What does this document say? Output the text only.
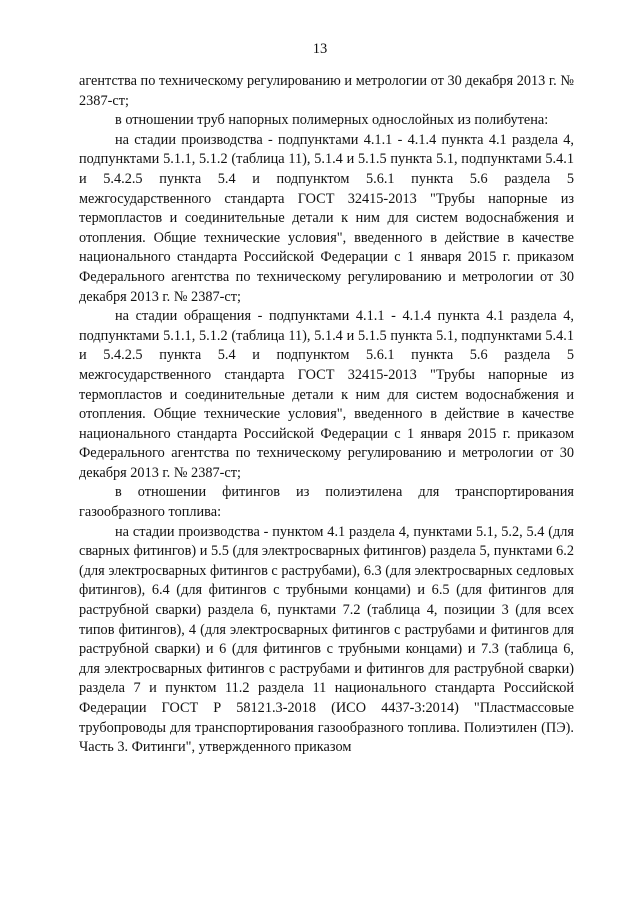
13

агентства по техническому регулированию и метрологии от 30 декабря 2013 г. № 2387-ст;

в отношении труб напорных полимерных однослойных из полибутена:

на стадии производства - подпунктами 4.1.1 - 4.1.4 пункта 4.1 раздела 4, подпунктами 5.1.1, 5.1.2 (таблица 11), 5.1.4 и 5.1.5 пункта 5.1, подпунктами 5.4.1 и 5.4.2.5 пункта 5.4 и подпунктом 5.6.1 пункта 5.6 раздела 5 межгосударственного стандарта ГОСТ 32415-2013 "Трубы напорные из термопластов и соединительные детали к ним для систем водоснабжения и отопления. Общие технические условия", введенного в действие в качестве национального стандарта Российской Федерации с 1 января 2015 г. приказом Федерального агентства по техническому регулированию и метрологии от 30 декабря 2013 г. № 2387-ст;

на стадии обращения - подпунктами 4.1.1 - 4.1.4 пункта 4.1 раздела 4, подпунктами 5.1.1, 5.1.2 (таблица 11), 5.1.4 и 5.1.5 пункта 5.1, подпунктами 5.4.1 и 5.4.2.5 пункта 5.4 и подпунктом 5.6.1 пункта 5.6 раздела 5 межгосударственного стандарта ГОСТ 32415-2013 "Трубы напорные из термопластов и соединительные детали к ним для систем водоснабжения и отопления. Общие технические условия", введенного в действие в качестве национального стандарта Российской Федерации с 1 января 2015 г. приказом Федерального агентства по техническому регулированию и метрологии от 30 декабря 2013 г. № 2387-ст;

в отношении фитингов из полиэтилена для транспортирования газообразного топлива:

на стадии производства - пунктом 4.1 раздела 4, пунктами 5.1, 5.2, 5.4 (для сварных фитингов) и 5.5 (для электросварных фитингов) раздела 5, пунктами 6.2 (для электросварных фитингов с раструбами), 6.3 (для электросварных седловых фитингов), 6.4 (для фитингов с трубными концами) и 6.5 (для фитингов для раструбной сварки) раздела 6, пунктами 7.2 (таблица 4, позиции 3 (для всех типов фитингов), 4 (для электросварных фитингов с раструбами и фитингов для раструбной сварки) и 6 (для фитингов с трубными концами) и 7.3 (таблица 6, для электросварных фитингов с раструбами и фитингов для раструбной сварки) раздела 7 и пунктом 11.2 раздела 11 национального стандарта Российской Федерации ГОСТ Р 58121.3-2018 (ИСО 4437-3:2014) "Пластмассовые трубопроводы для транспортирования газообразного топлива. Полиэтилен (ПЭ). Часть 3. Фитинги", утвержденного приказом
